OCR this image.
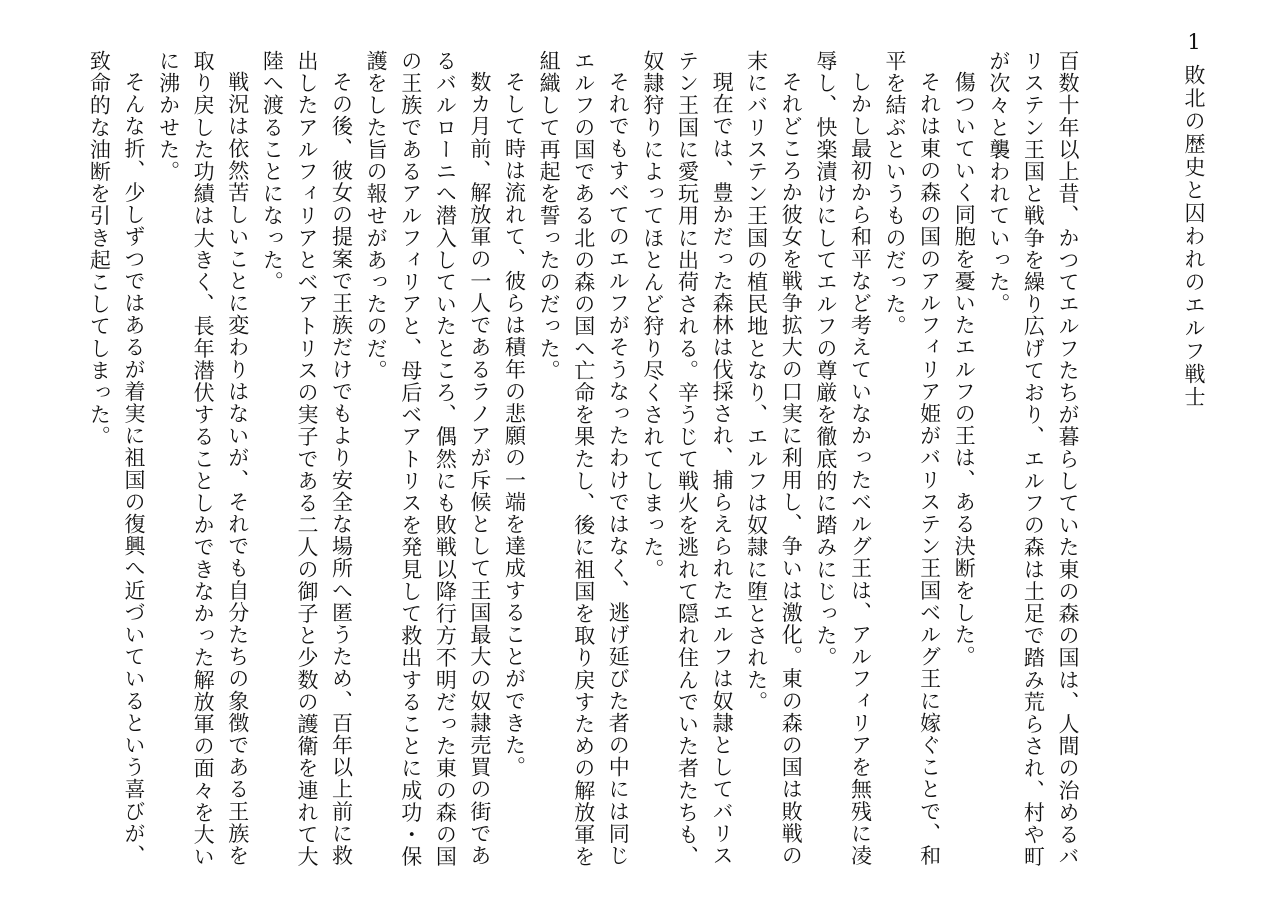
1
敗北の歴史と囚われのエルフ戦士

百数十年以上昔、かつてエルフたちが暮らしていた東の森の国は、人間の治めるバリステン王国と戦争を繰り広げており、エルフの森は土足で踏み荒らされ、村や町が次々と襲われていった。

傷ついていく同胞を憂いたエルフの王は、ある決断をした。

それは東の森の国のアルフィリア姫がバリステン王国ベルグ王に嫁ぐことで、和平を結ぶというものだった。

しかし最初から和平など考えていなかったベルグ王は、アルフィリアを無残に凌辱し、快楽漬けにしてエルフの尊厳を徹底的に踏みにじった。

それどころか彼女を戦争拡大の口実に利用し、争いは激化。東の森の国は敗戦の末にバリステン王国の植民地となり、エルフは奴隷に堕とされた。

現在では、豊かだった森林は伐採され、捕らえられたエルフは奴隷としてバリステン王国に愛玩用に出荷される。辛うじて戦火を逃れて隠れ住んでいた者たちも、奴隷狩りによってほとんど狩り尽くされてしまった。

それでもすべてのエルフがそうなったわけではなく、逃げ延びた者の中には同じエルフの国である北の森の国へ亡命を果たし、後に祖国を取り戻すための解放軍を組織して再起を誓ったのだった。

そして時は流れて、彼らは積年の悲願の一端を達成することができた。

数カ月前、解放軍の一人であるラノアが斥候として王国最大の奴隷売買の街であるバルローニへ潜入していたところ、偶然にも敗戦以降行方不明だった東の森の国の王族であるアルフィリアと、母后ベアトリスを発見して救出することに成功・保護をした旨の報せがあったのだ。

その後、彼女の提案で王族だけでもより安全な場所へ匿うため、百年以上前に救出したアルフィリアとベアトリスの実子である二人の御子と少数の護衛を連れて大陸へ渡ることになった。

戦況は依然苦しいことに変わりはないが、それでも自分たちの象徴である王族を取り戻した功績は大きく、長年潜伏することしかできなかった解放軍の面々を大いに沸かせた。

そんな折、少しずつではあるが着実に祖国の復興へ近づいているという喜びが、致命的な油断を引き起こしてしまった。
